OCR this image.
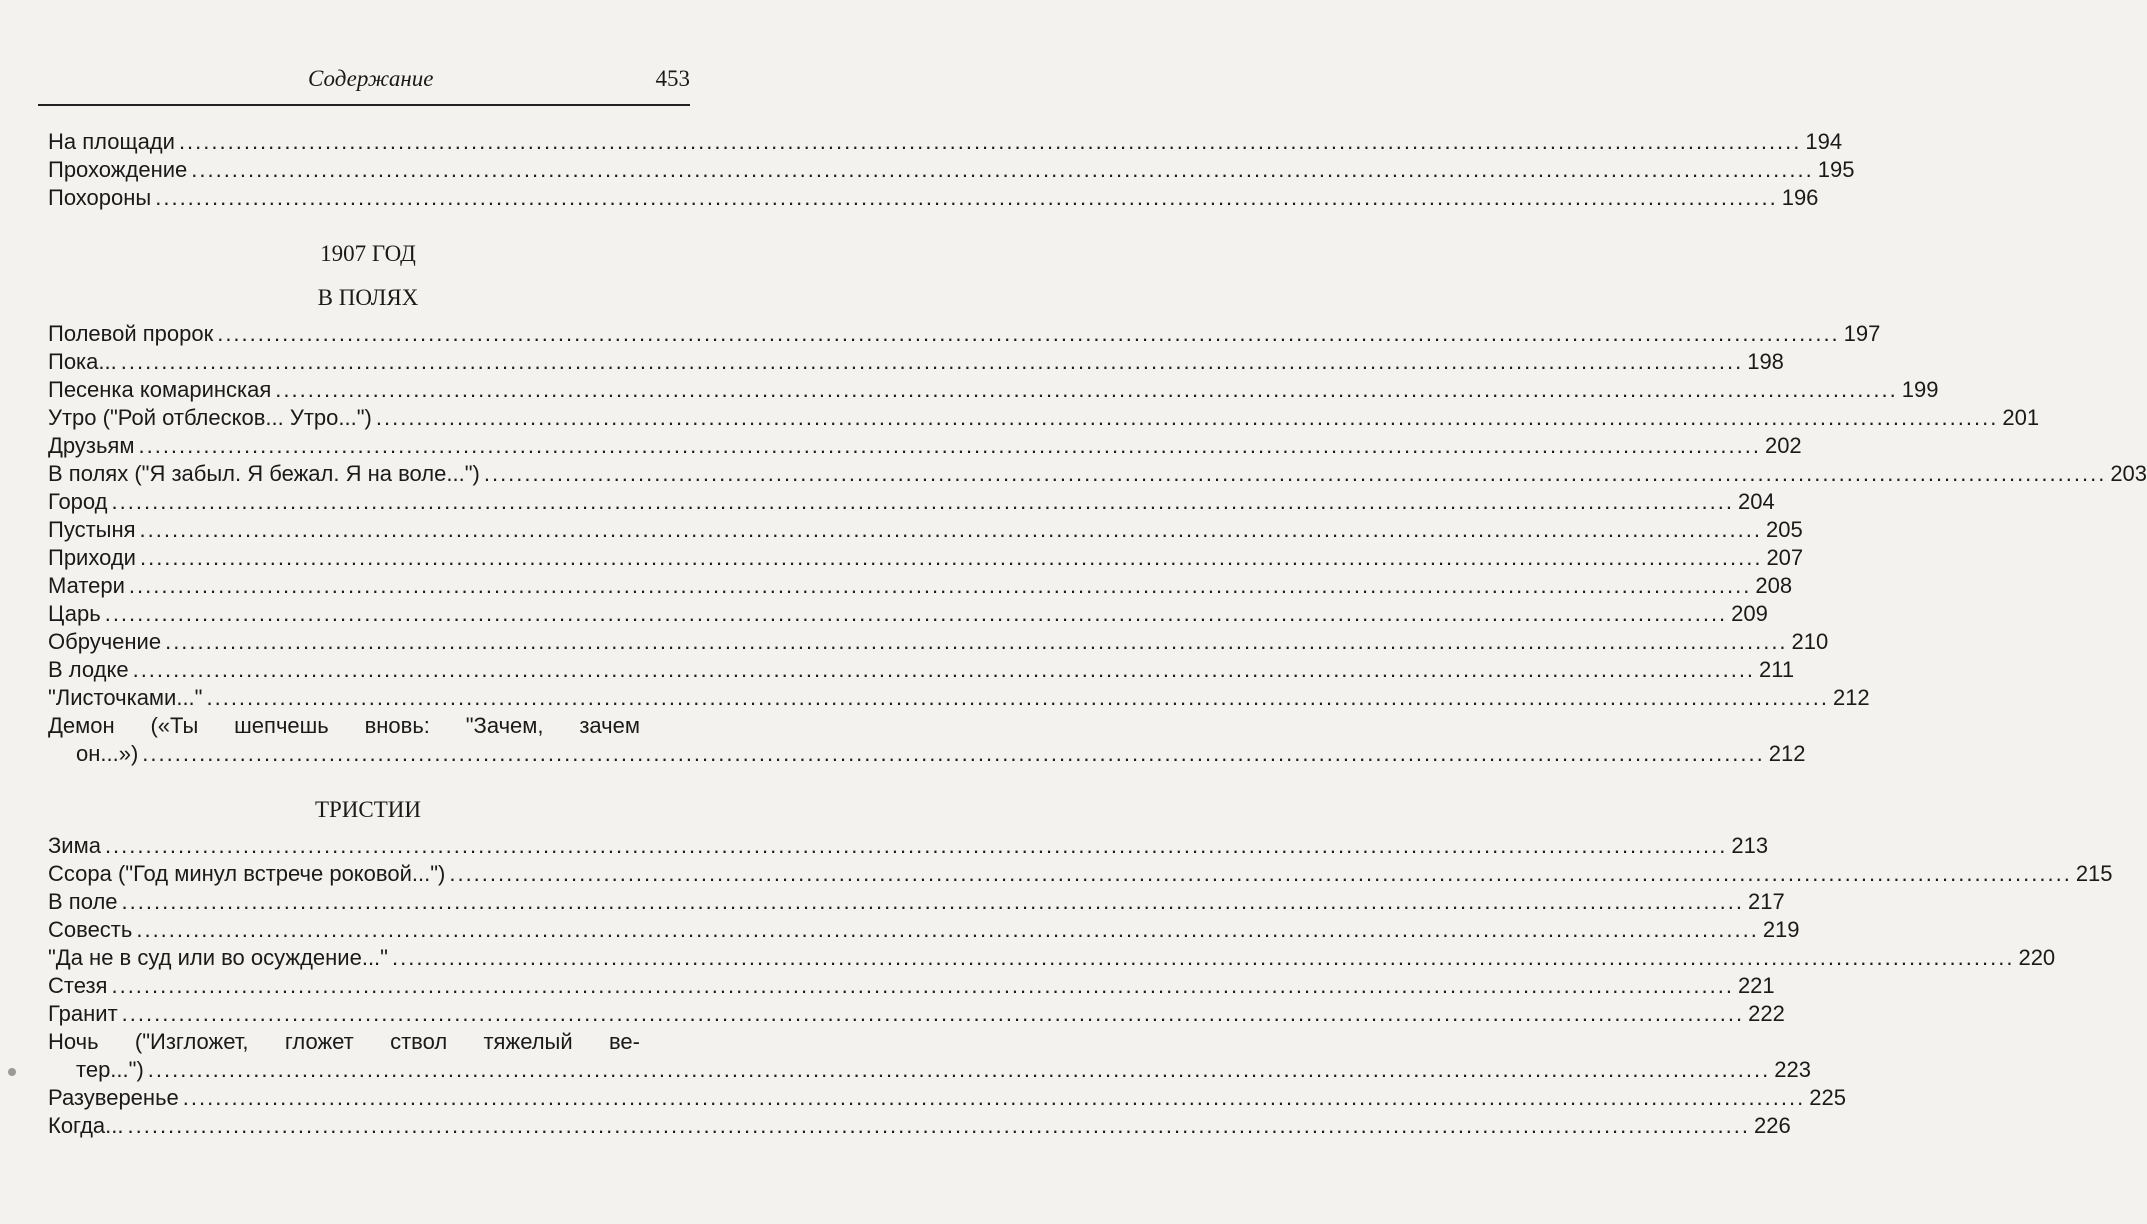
Содержание	453
На площади ........................................................................................................................................................................................................ 194
Прохождение ........................................................................................................................................................................................................ 195
Похороны ........................................................................................................................................................................................................ 196
1907 ГОД
В ПОЛЯХ
Полевой пророк ........................................................................................................................................................................................................ 197
Пока... ........................................................................................................................................................................................................ 198
Песенка комаринская ........................................................................................................................................................................................................ 199
Утро ("Рой отблесков... Утро...") ........................................................................................................................................................................................................ 201
Друзьям ........................................................................................................................................................................................................ 202
В полях ("Я забыл. Я бежал. Я на воле...") ........................................................................................................................................................................................................ 203
Город ........................................................................................................................................................................................................ 204
Пустыня ........................................................................................................................................................................................................ 205
Приходи ........................................................................................................................................................................................................ 207
Матери ........................................................................................................................................................................................................ 208
Царь ........................................................................................................................................................................................................ 209
Обручение ........................................................................................................................................................................................................ 210
В лодке ........................................................................................................................................................................................................ 211
"Листочками..." ........................................................................................................................................................................................................ 212
Демон («Ты шепчешь вновь: "Зачем, зачем
он...») ........................................................................................................................................................................................................ 212
ТРИСТИИ
Зима ........................................................................................................................................................................................................ 213
Ссора ("Год минул встрече роковой...") ........................................................................................................................................................................................................ 215
В поле ........................................................................................................................................................................................................ 217
Совесть ........................................................................................................................................................................................................ 219
"Да не в суд или во осуждение..." ........................................................................................................................................................................................................ 220
Стезя ........................................................................................................................................................................................................ 221
Гранит ........................................................................................................................................................................................................ 222
Ночь ("Изгложет, гложет ствол тяжелый ве-
тер...") ........................................................................................................................................................................................................ 223
Разуверенье ........................................................................................................................................................................................................ 225
Когда... ........................................................................................................................................................................................................ 226
